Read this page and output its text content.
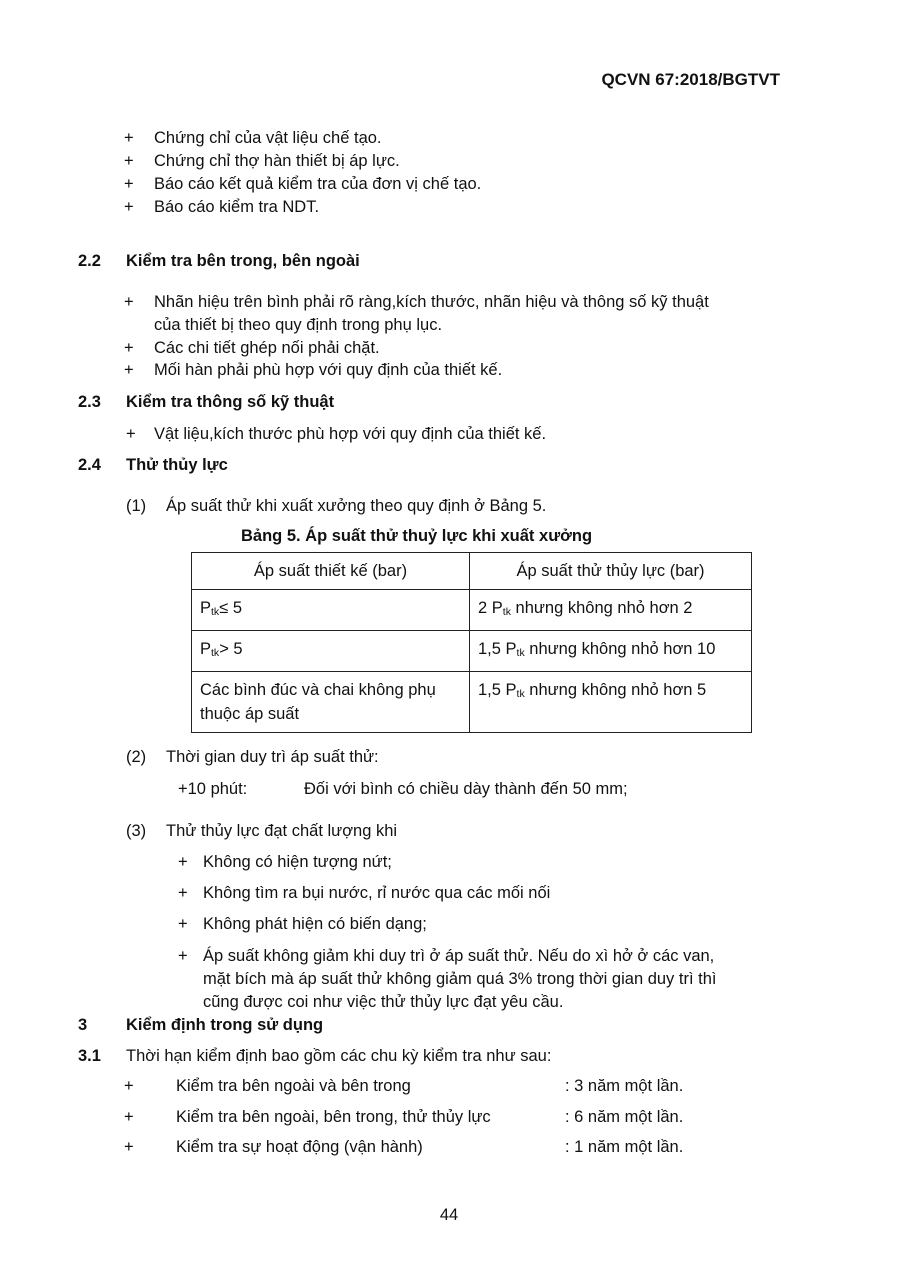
QCVN 67:2018/BGTVT
+ Chứng chỉ của vật liệu chế tạo.
+ Chứng chỉ thợ hàn thiết bị áp lực.
+ Báo cáo kết quả kiểm tra của đơn vị chế tạo.
+ Báo cáo kiểm tra NDT.
2.2 Kiểm tra bên trong, bên ngoài
+ Nhãn hiệu trên bình phải rõ ràng,kích thước, nhãn hiệu và thông số kỹ thuật
của thiết bị theo quy định trong phụ lục.
+ Các chi tiết ghép nối phải chặt.
+ Mối hàn phải phù hợp với quy định của thiết kế.
2.3 Kiểm tra thông số kỹ thuật
+ Vật liệu,kích thước phù hợp với quy định của thiết kế.
2.4 Thử thủy lực
(1) Áp suất thử khi xuất xưởng theo quy định ở Bảng 5.
Bảng 5. Áp suất thử thuỷ lực khi xuất xưởng
Áp suất thiết kế (bar)	Áp suất thử thủy lực (bar)
$P_{tk}\le 5$	2 $P_{tk}$ nhưng không nhỏ hơn 2
$P_{tk}> 5$	1,5 $P_{tk}$ nhưng không nhỏ hơn 10
Các bình đúc và chai không phụ thuộc áp suất	1,5 $P_{tk}$ nhưng không nhỏ hơn 5
(2) Thời gian duy trì áp suất thử:
+10 phút:	Đối với bình có chiều dày thành đến 50 mm;
(3) Thử thủy lực đạt chất lượng khi
+ Không có hiện tượng nứt;
+ Không tìm ra bụi nước, rỉ nước qua các mối nối
+ Không phát hiện có biến dạng;
+ Áp suất không giảm khi duy trì ở áp suất thử. Nếu do xì hở ở các van,
mặt bích mà áp suất thử không giảm quá 3% trong thời gian duy trì thì
cũng được coi như việc thử thủy lực đạt yêu cầu.
3 Kiểm định trong sử dụng
3.1 Thời hạn kiểm định bao gồm các chu kỳ kiểm tra như sau:
+	Kiểm tra bên ngoài và bên trong	: 3 năm một lần.
+	Kiểm tra bên ngoài, bên trong, thử thủy lực	: 6 năm một lần.
+	Kiểm tra sự hoạt động (vận hành)	: 1 năm một lần.
44
